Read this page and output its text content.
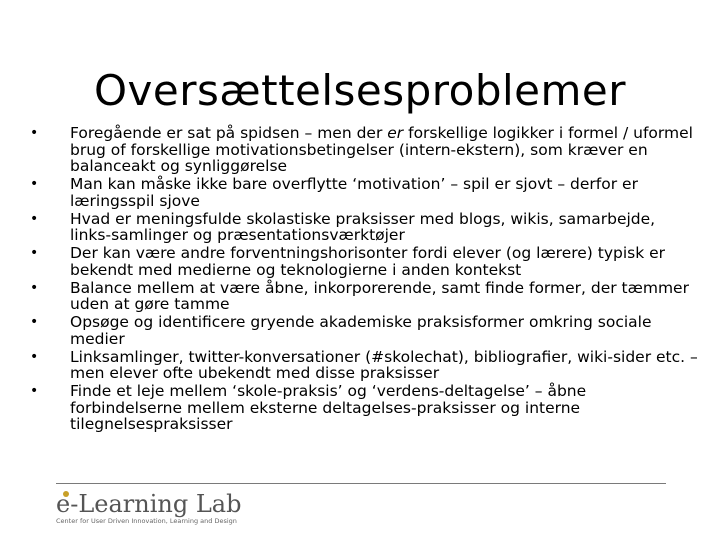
Oversættelsesproblemer
• Foregående er sat på spidsen – men der er forskellige logikker i formel / uformel brug of forskellige motivationsbetingelser (intern-ekstern), som kræver en balanceakt og synliggørelse
• Man kan måske ikke bare overflytte ‘motivation’ – spil er sjovt – derfor er læringsspil sjove
• Hvad er meningsfulde skolastiske praksisser med blogs, wikis, samarbejde, links-samlinger og præsentationsværktøjer
• Der kan være andre forventningshorisonter fordi elever (og lærere) typisk er bekendt med medierne og teknologierne i anden kontekst
• Balance mellem at være åbne, inkorporerende, samt finde former, der tæmmer uden at gøre tamme
• Opsøge og identificere gryende akademiske praksisformer omkring sociale medier
• Linksamlinger, twitter-konversationer (#skolechat), bibliografier, wiki-sider etc. – men elever ofte ubekendt med disse praksisser
• Finde et leje mellem ‘skole-praksis’ og ‘verdens-deltagelse’ – åbne forbindelserne mellem eksterne deltagelses-praksisser og interne tilegnelsespraksisser
e-Learning Lab
Center for User Driven Innovation, Learning and Design
